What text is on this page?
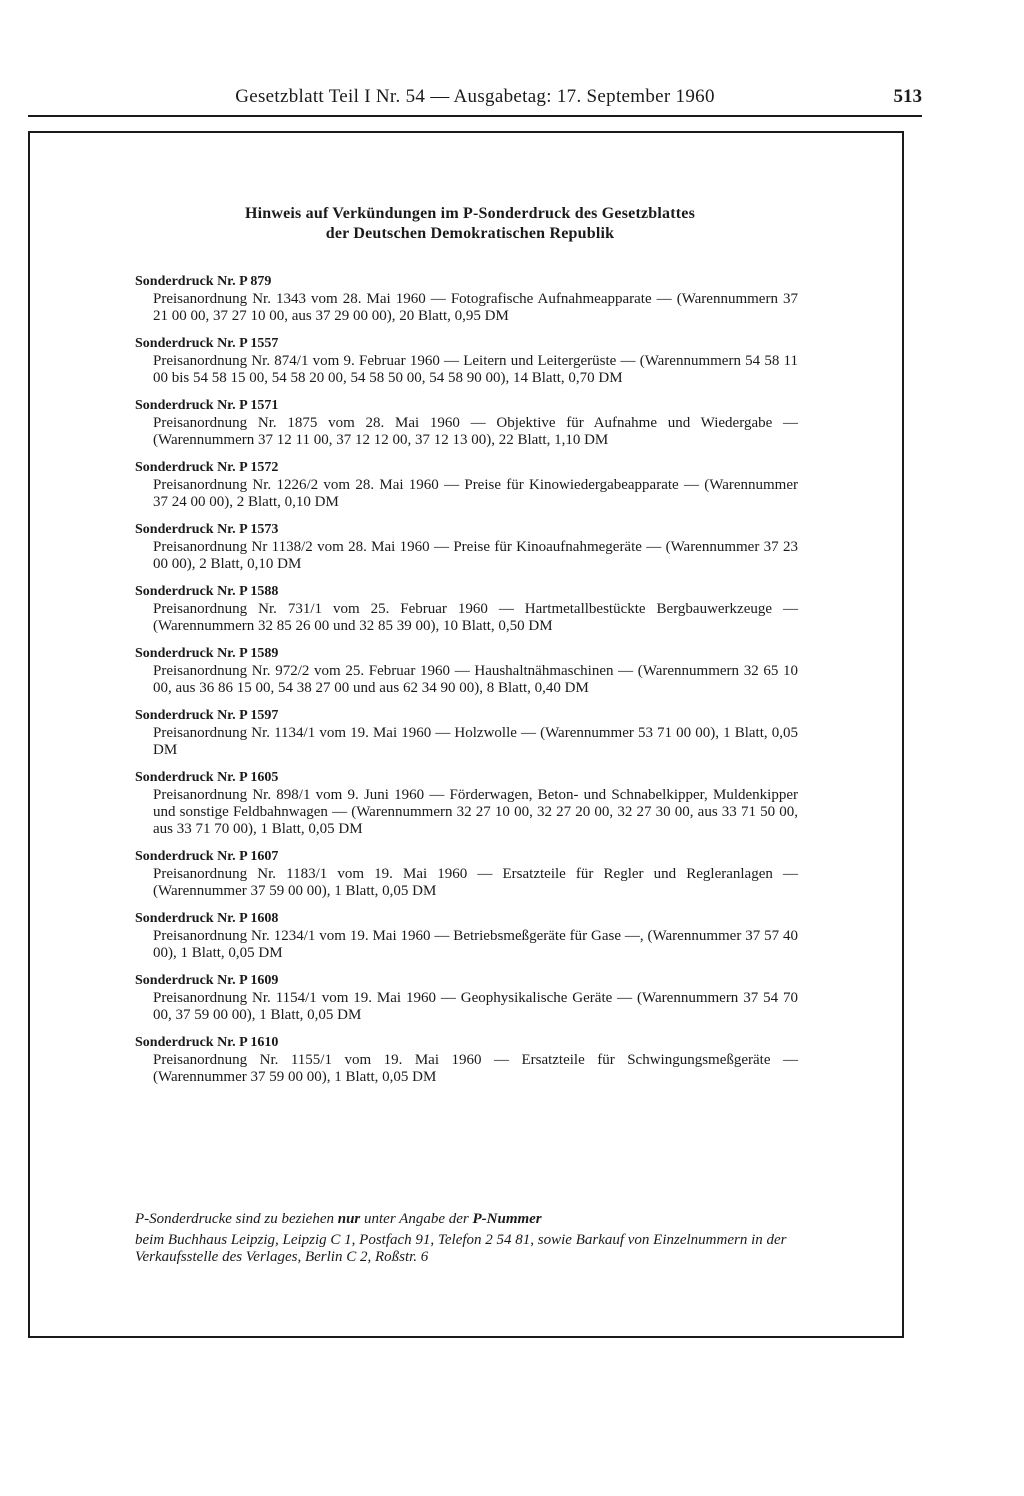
Gesetzblatt Teil I Nr. 54 — Ausgabetag: 17. September 1960	513
Hinweis auf Verkündungen im P-Sonderdruck des Gesetzblattes
der Deutschen Demokratischen Republik
Sonderdruck Nr. P 879
Preisanordnung Nr. 1343 vom 28. Mai 1960 — Fotografische Aufnahmeapparate — (Warennummern 37 21 00 00, 37 27 10 00, aus 37 29 00 00), 20 Blatt, 0,95 DM
Sonderdruck Nr. P 1557
Preisanordnung Nr. 874/1 vom 9. Februar 1960 — Leitern und Leitergerüste — (Warennummern 54 58 11 00 bis 54 58 15 00, 54 58 20 00, 54 58 50 00, 54 58 90 00), 14 Blatt, 0,70 DM
Sonderdruck Nr. P 1571
Preisanordnung Nr. 1875 vom 28. Mai 1960 — Objektive für Aufnahme und Wiedergabe — (Warennummern 37 12 11 00, 37 12 12 00, 37 12 13 00), 22 Blatt, 1,10 DM
Sonderdruck Nr. P 1572
Preisanordnung Nr. 1226/2 vom 28. Mai 1960 — Preise für Kinowiedergabeapparate — (Warennummer 37 24 00 00), 2 Blatt, 0,10 DM
Sonderdruck Nr. P 1573
Preisanordnung Nr 1138/2 vom 28. Mai 1960 — Preise für Kinoaufnahmegeräte — (Warennummer 37 23 00 00), 2 Blatt, 0,10 DM
Sonderdruck Nr. P 1588
Preisanordnung Nr. 731/1 vom 25. Februar 1960 — Hartmetallbestückte Bergbauwerkzeuge — (Warennummern 32 85 26 00 und 32 85 39 00), 10 Blatt, 0,50 DM
Sonderdruck Nr. P 1589
Preisanordnung Nr. 972/2 vom 25. Februar 1960 — Haushaltnähmaschinen — (Warennummern 32 65 10 00, aus 36 86 15 00, 54 38 27 00 und aus 62 34 90 00), 8 Blatt, 0,40 DM
Sonderdruck Nr. P 1597
Preisanordnung Nr. 1134/1 vom 19. Mai 1960 — Holzwolle — (Warennummer 53 71 00 00), 1 Blatt, 0,05 DM
Sonderdruck Nr. P 1605
Preisanordnung Nr. 898/1 vom 9. Juni 1960 — Förderwagen, Beton- und Schnabelkipper, Muldenkipper und sonstige Feldbahnwagen — (Warennummern 32 27 10 00, 32 27 20 00, 32 27 30 00, aus 33 71 50 00, aus 33 71 70 00), 1 Blatt, 0,05 DM
Sonderdruck Nr. P 1607
Preisanordnung Nr. 1183/1 vom 19. Mai 1960 — Ersatzteile für Regler und Regleranlagen — (Warennummer 37 59 00 00), 1 Blatt, 0,05 DM
Sonderdruck Nr. P 1608
Preisanordnung Nr. 1234/1 vom 19. Mai 1960 — Betriebsmeßgeräte für Gase —, (Warennummer 37 57 40 00), 1 Blatt, 0,05 DM
Sonderdruck Nr. P 1609
Preisanordnung Nr. 1154/1 vom 19. Mai 1960 — Geophysikalische Geräte — (Warennummern 37 54 70 00, 37 59 00 00), 1 Blatt, 0,05 DM
Sonderdruck Nr. P 1610
Preisanordnung Nr. 1155/1 vom 19. Mai 1960 — Ersatzteile für Schwingungsmeßgeräte — (Warennummer 37 59 00 00), 1 Blatt, 0,05 DM
P-Sonderdrucke sind zu beziehen nur unter Angabe der P-Nummer
beim Buchhaus Leipzig, Leipzig C 1, Postfach 91, Telefon 2 54 81, sowie Barkauf von Einzelnummern in der Verkaufsstelle des Verlages, Berlin C 2, Roßstr. 6
